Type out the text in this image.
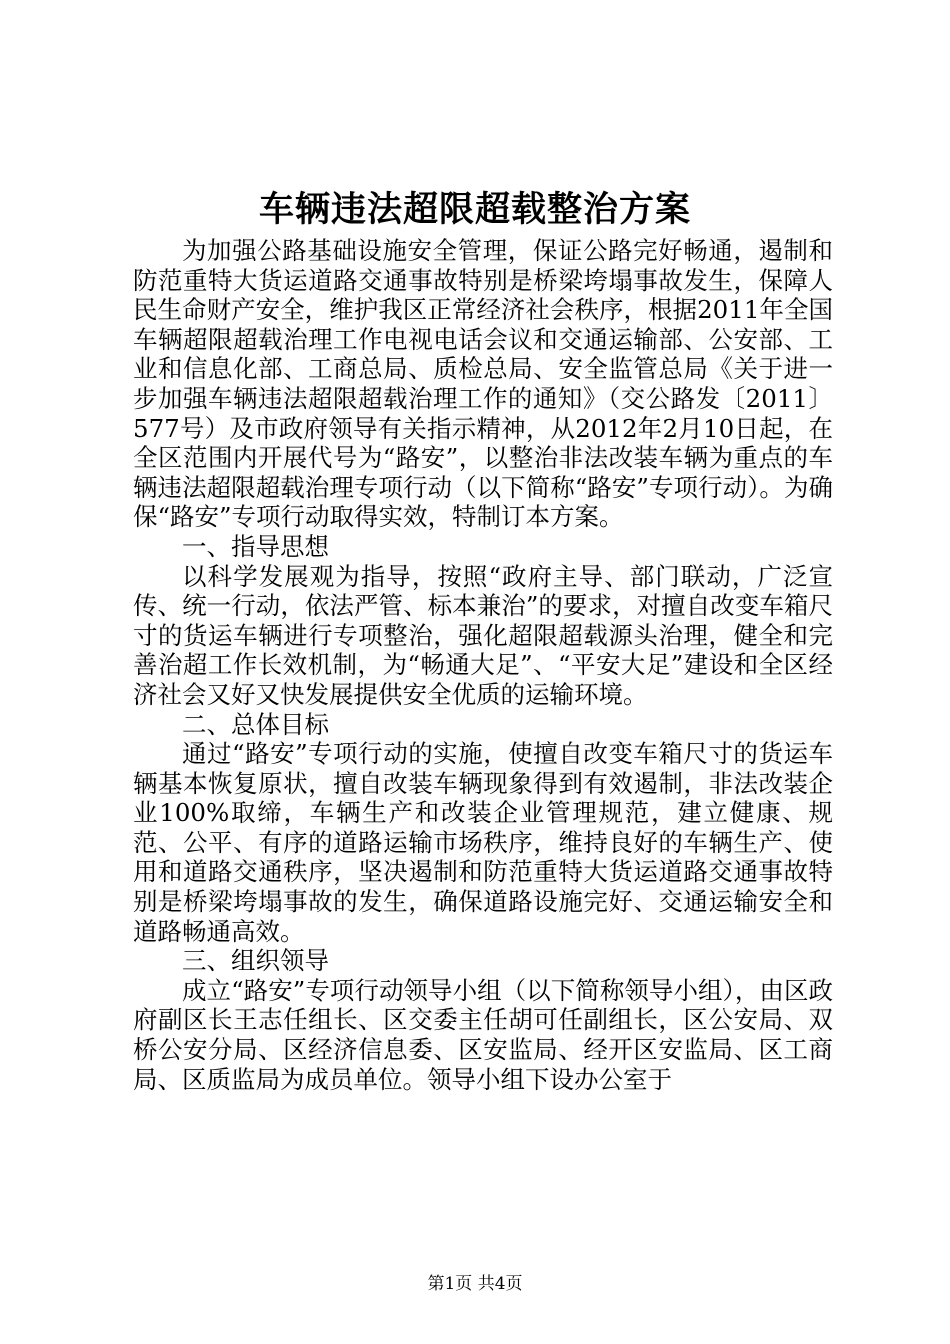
车辆违法超限超载整治方案

为加强公路基础设施安全管理，保证公路完好畅通，遏制和防范重特大货运道路交通事故特别是桥梁垮塌事故发生，保障人民生命财产安全，维护我区正常经济社会秩序，根据2011年全国车辆超限超载治理工作电视电话会议和交通运输部、公安部、工业和信息化部、工商总局、质检总局、安全监管总局《关于进一步加强车辆违法超限超载治理工作的通知》（交公路发〔2011〕577号）及市政府领导有关指示精神，从2012年2月10日起，在全区范围内开展代号为“路安”，以整治非法改装车辆为重点的车辆违法超限超载治理专项行动（以下简称“路安”专项行动）。为确保“路安”专项行动取得实效，特制订本方案。

一、指导思想

以科学发展观为指导，按照“政府主导、部门联动，广泛宣传、统一行动，依法严管、标本兼治”的要求，对擅自改变车箱尺寸的货运车辆进行专项整治，强化超限超载源头治理，健全和完善治超工作长效机制，为“畅通大足”、“平安大足”建设和全区经济社会又好又快发展提供安全优质的运输环境。

二、总体目标

通过“路安”专项行动的实施，使擅自改变车箱尺寸的货运车辆基本恢复原状，擅自改装车辆现象得到有效遏制，非法改装企业100%取缔，车辆生产和改装企业管理规范，建立健康、规范、公平、有序的道路运输市场秩序，维持良好的车辆生产、使用和道路交通秩序，坚决遏制和防范重特大货运道路交通事故特别是桥梁垮塌事故的发生，确保道路设施完好、交通运输安全和道路畅通高效。

三、组织领导

成立“路安”专项行动领导小组（以下简称领导小组），由区政府副区长王志任组长、区交委主任胡可任副组长，区公安局、双桥公安分局、区经济信息委、区安监局、经开区安监局、区工商局、区质监局为成员单位。领导小组下设办公室于

第1页 共4页
